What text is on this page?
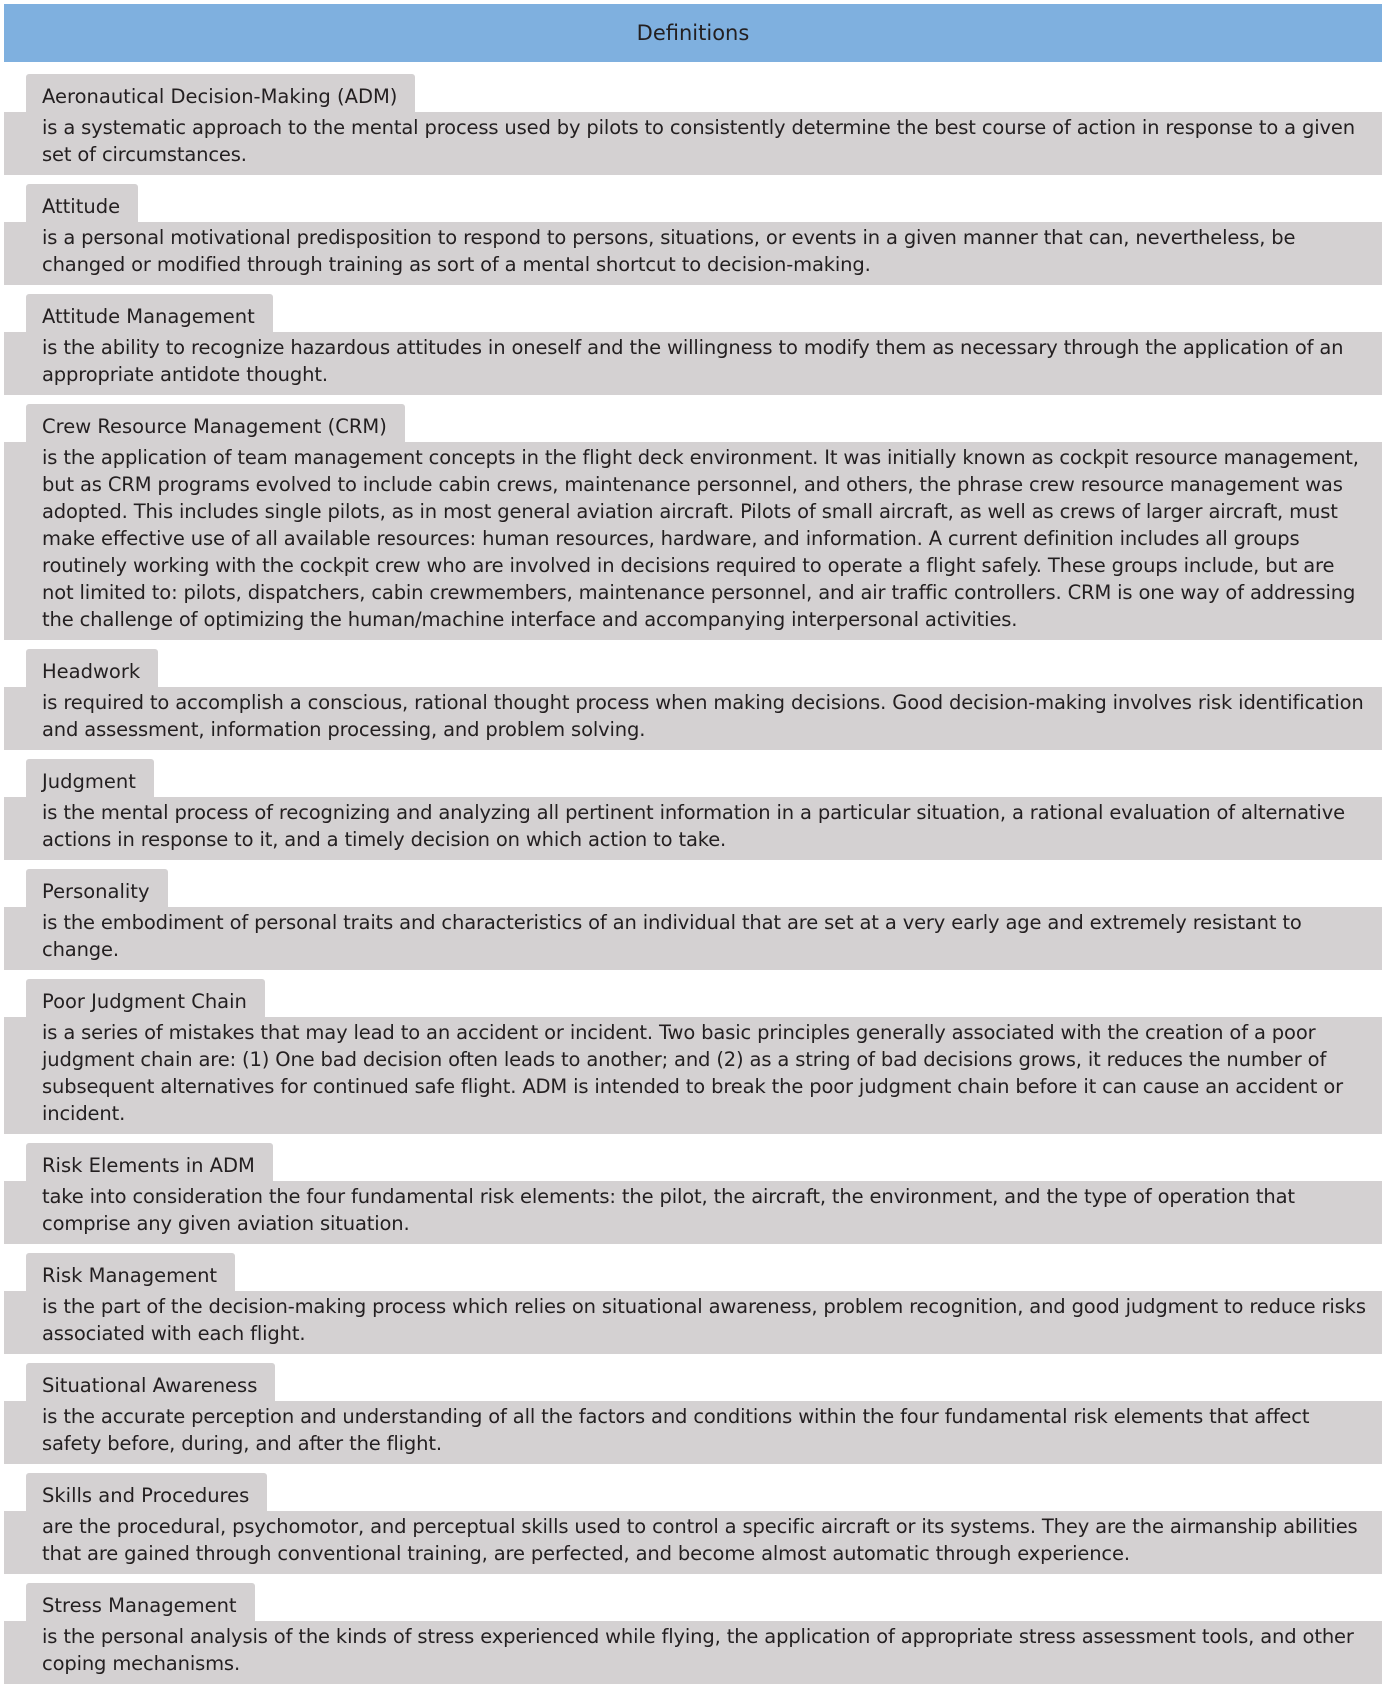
Definitions
Aeronautical Decision-Making (ADM)
is a systematic approach to the mental process used by pilots to consistently determine the best course of action in response to a given set of circumstances.
Attitude
is a personal motivational predisposition to respond to persons, situations, or events in a given manner that can, nevertheless, be changed or modified through training as sort of a mental shortcut to decision-making.
Attitude Management
is the ability to recognize hazardous attitudes in oneself and the willingness to modify them as necessary through the application of an appropriate antidote thought.
Crew Resource Management (CRM)
is the application of team management concepts in the flight deck environment. It was initially known as cockpit resource management, but as CRM programs evolved to include cabin crews, maintenance personnel, and others, the phrase crew resource management was adopted. This includes single pilots, as in most general aviation aircraft. Pilots of small aircraft, as well as crews of larger aircraft, must make effective use of all available resources: human resources, hardware, and information. A current definition includes all groups routinely working with the cockpit crew who are involved in decisions required to operate a flight safely. These groups include, but are not limited to: pilots, dispatchers, cabin crewmembers, maintenance personnel, and air traffic controllers. CRM is one way of addressing the challenge of optimizing the human/machine interface and accompanying interpersonal activities.
Headwork
is required to accomplish a conscious, rational thought process when making decisions. Good decision-making involves risk identification and assessment, information processing, and problem solving.
Judgment
is the mental process of recognizing and analyzing all pertinent information in a particular situation, a rational evaluation of alternative actions in response to it, and a timely decision on which action to take.
Personality
is the embodiment of personal traits and characteristics of an individual that are set at a very early age and extremely resistant to change.
Poor Judgment Chain
is a series of mistakes that may lead to an accident or incident. Two basic principles generally associated with the creation of a poor judgment chain are: (1) One bad decision often leads to another; and (2) as a string of bad decisions grows, it reduces the number of subsequent alternatives for continued safe flight. ADM is intended to break the poor judgment chain before it can cause an accident or incident.
Risk Elements in ADM
take into consideration the four fundamental risk elements: the pilot, the aircraft, the environment, and the type of operation that comprise any given aviation situation.
Risk Management
is the part of the decision-making process which relies on situational awareness, problem recognition, and good judgment to reduce risks associated with each flight.
Situational Awareness
is the accurate perception and understanding of all the factors and conditions within the four fundamental risk elements that affect safety before, during, and after the flight.
Skills and Procedures
are the procedural, psychomotor, and perceptual skills used to control a specific aircraft or its systems. They are the airmanship abilities that are gained through conventional training, are perfected, and become almost automatic through experience.
Stress Management
is the personal analysis of the kinds of stress experienced while flying, the application of appropriate stress assessment tools, and other coping mechanisms.
